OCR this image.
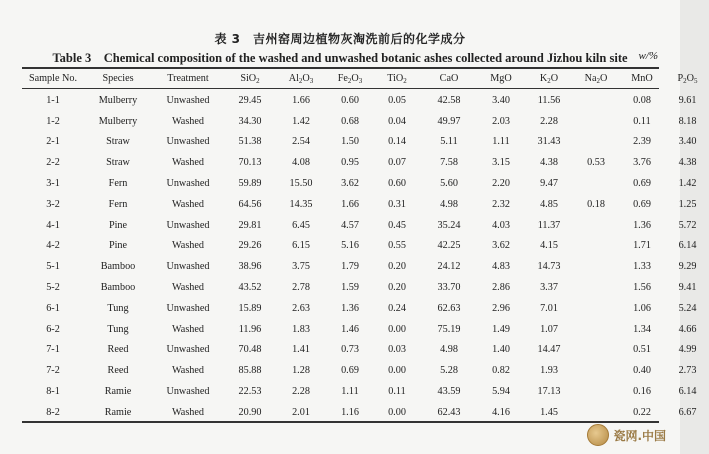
表 3　吉州窑周边植物灰淘洗前后的化学成分
Table 3　Chemical composition of the washed and unwashed botanic ashes collected around Jizhou kiln site w/%
Sample No.	Species	Treatment	SiO$_2$	$Al_2O_3$	$Fe_2O_3$	TiO$_2$	CaO	MgO	$K_2O$	$Na_2O$	MnO	$P_2O_5$

1-1	Mulberry	Unwashed	29.45	1.66	0.60	0.05	42.58	3.40	11.56		0.08	9.61
1-2	Mulberry	Washed	34.30	1.42	0.68	0.04	49.97	2.03	2.28		0.11	8.18
2-1	Straw	Unwashed	51.38	2.54	1.50	0.14	5.11	1.11	31.43		2.39	3.40
2-2	Straw	Washed	70.13	4.08	0.95	0.07	7.58	3.15	4.38	0.53	3.76	4.38
3-1	Fern	Unwashed	59.89	15.50	3.62	0.60	5.60	2.20	9.47		0.69	1.42
3-2	Fern	Washed	64.56	14.35	1.66	0.31	4.98	2.32	4.85	0.18	0.69	1.25
4-1	Pine	Unwashed	29.81	6.45	4.57	0.45	35.24	4.03	11.37		1.36	5.72
4-2	Pine	Washed	29.26	6.15	5.16	0.55	42.25	3.62	4.15		1.71	6.14
5-1	Bamboo	Unwashed	38.96	3.75	1.79	0.20	24.12	4.83	14.73		1.33	9.29
5-2	Bamboo	Washed	43.52	2.78	1.59	0.20	33.70	2.86	3.37		1.56	9.41
6-1	Tung	Unwashed	15.89	2.63	1.36	0.24	62.63	2.96	7.01		1.06	5.24
6-2	Tung	Washed	11.96	1.83	1.46	0.00	75.19	1.49	1.07		1.34	4.66
7-1	Reed	Unwashed	70.48	1.41	0.73	0.03	4.98	1.40	14.47		0.51	4.99
7-2	Reed	Washed	85.88	1.28	0.69	0.00	5.28	0.82	1.93		0.40	2.73
8-1	Ramie	Unwashed	22.53	2.28	1.11	0.11	43.59	5.94	17.13		0.16	6.14
8-2	Ramie	Washed	20.90	2.01	1.16	0.00	62.43	4.16	1.45		0.22	6.67
瓷网.中国
